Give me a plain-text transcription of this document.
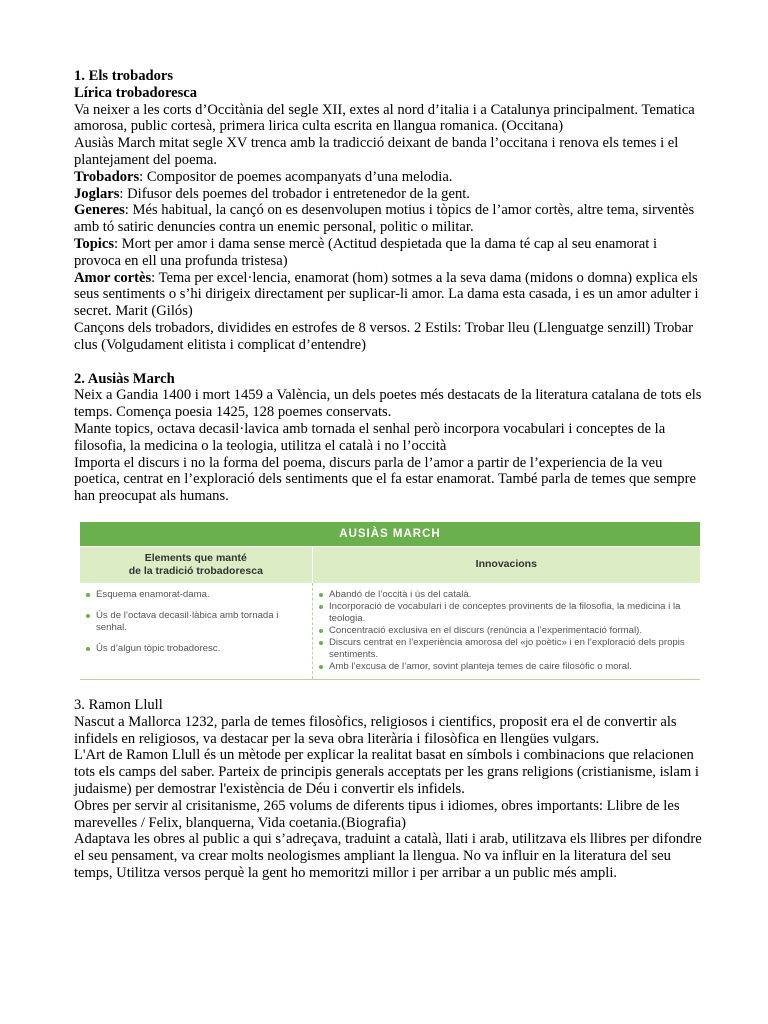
1. Els trobadors

Lírica trobadoresca

Va neixer a les corts d’Occitània del segle XII, extes al nord d’italia i a Catalunya principalment. Tematica amorosa, public cortesà, primera lirica culta escrita en llangua romanica. (Occitana)

Ausiàs March mitat segle XV trenca amb la tradicció deixant de banda l’occitana i renova els temes i el plantejament del poema.

Trobadors: Compositor de poemes acompanyats d’una melodia.

Joglars: Difusor dels poemes del trobador i entretenedor de la gent.

Generes: Més habitual, la cançó on es desenvolupen motius i tòpics de l’amor cortès, altre tema, sirventès amb tó satiric denuncies contra un enemic personal, politic o militar.

Topics: Mort per amor i dama sense mercè (Actitud despietada que la dama té cap al seu enamorat i provoca en ell una profunda tristesa)

Amor cortès: Tema per excel·lencia, enamorat (hom) sotmes a la seva dama (midons o domna) explica els seus sentiments o s’hi dirigeix directament per suplicar-li amor. La dama esta casada, i es un amor adulter i secret. Marit (Gilós)

Cançons dels trobadors, dividides en estrofes de 8 versos. 2 Estils: Trobar lleu (Llenguatge senzill) Trobar clus (Volgudament elitista i complicat d’entendre)

2. Ausiàs March

Neix a Gandia 1400 i mort 1459 a València, un dels poetes més destacats de la literatura catalana de tots els temps. Comença poesia 1425, 128 poemes conservats.

Mante topics, octava decasil·lavica amb tornada el senhal però incorpora vocabulari i conceptes de la filosofia, la medicina o la teologia, utilitza el català i no l’occità

Importa el discurs i no la forma del poema, discurs parla de l’amor a partir de l’experiencia de la veu poetica, centrat en l’exploració dels sentiments que el fa estar enamorat. També parla de temes que sempre han preocupat als humans.

AUSIÀS MARCH
Elements que manté
de la tradició trobadoresca
Innovacions
Esquema enamorat-dama.
Ús de l’octava decasil·làbica amb tornada i senhal.
Ús d’algun tòpic trobadoresc.
Abandó de l’occità i ús del català.
Incorporació de vocabulari i de conceptes provinents de la filosofia, la medicina i la teologia.
Concentració exclusiva en el discurs (renúncia a l’experimentació formal).
Discurs centrat en l’experiència amorosa del «jo poètic» i en l’exploració dels propis sentiments.
Amb l’excusa de l’amor, sovint planteja temes de caire filosòfic o moral.

3. Ramon Llull

Nascut a Mallorca 1232, parla de temes filosòfics, religiosos i cientifics, proposit era el de convertir als infidels en religiosos, va destacar per la seva obra literària i filosòfica en llengües vulgars.

L'Art de Ramon Llull és un mètode per explicar la realitat basat en símbols i combinacions que relacionen tots els camps del saber. Parteix de principis generals acceptats per les grans religions (cristianisme, islam i judaisme) per demostrar l'existència de Déu i convertir els infidels.

Obres per servir al crisitanisme, 265 volums de diferents tipus i idiomes, obres importants: Llibre de les marevelles / Felix, blanquerna, Vida coetania.(Biografia)

Adaptava les obres al public a qui s’adreçava, traduint a català, llati i arab, utilitzava els llibres per difondre el seu pensament, va crear molts neologismes ampliant la llengua. No va influir en la literatura del seu temps, Utilitza versos perquè la gent ho memoritzi millor i per arribar a un public més ampli.
